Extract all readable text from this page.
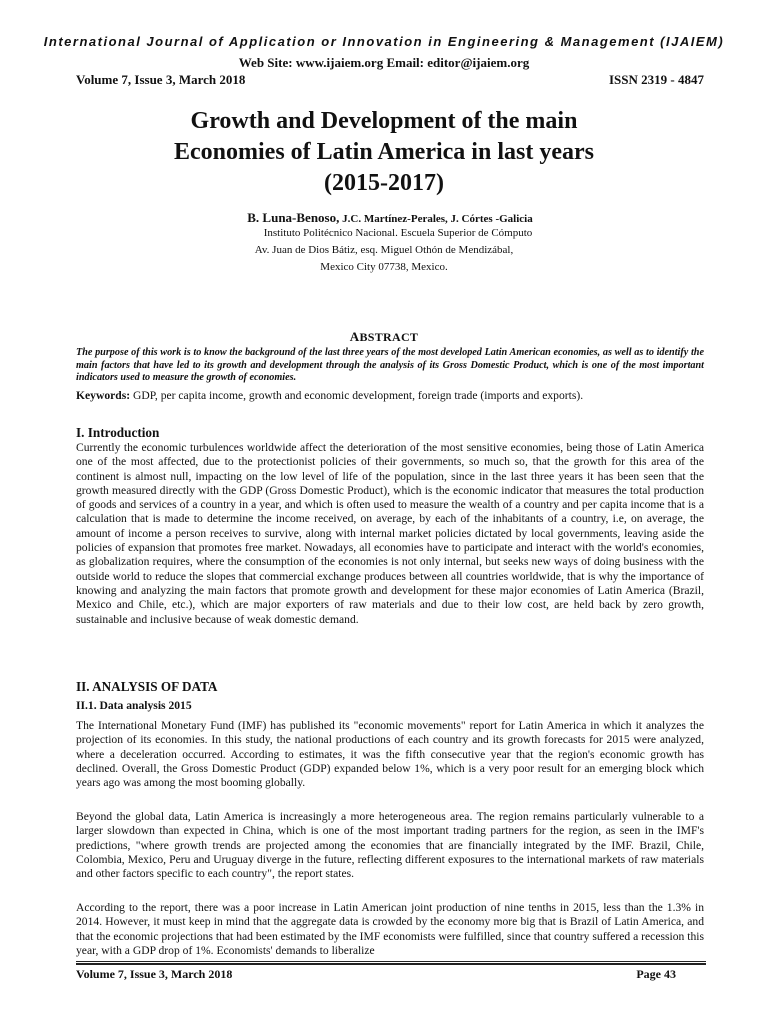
International Journal of Application or Innovation in Engineering & Management (IJAIEM)
Web Site: www.ijaiem.org Email: editor@ijaiem.org
Volume 7, Issue 3, March 2018	ISSN 2319 - 4847
Growth and Development of the main Economies of Latin America in last years (2015-2017)
B. Luna-Benoso, J.C. Martínez-Perales, J. Córtes -Galicia
Instituto Politécnico Nacional. Escuela Superior de Cómputo
Av. Juan de Dios Bátiz, esq. Miguel Othón de Mendizábal,
Mexico City 07738, Mexico.
ABSTRACT
The purpose of this work is to know the background of the last three years of the most developed Latin American economies, as well as to identify the main factors that have led to its growth and development through the analysis of its Gross Domestic Product, which is one of the most important indicators used to measure the growth of economies.
Keywords: GDP, per capita income, growth and economic development, foreign trade (imports and exports).
I. Introduction

Currently the economic turbulences worldwide affect the deterioration of the most sensitive economies, being those of Latin America one of the most affected, due to the protectionist policies of their governments, so much so, that the growth for this area of the continent is almost null, impacting on the low level of life of the population, since in the last three years it has been seen that the growth measured directly with the GDP (Gross Domestic Product), which is the economic indicator that measures the total production of goods and services of a country in a year, and which is often used to measure the wealth of a country and per capita income that is a calculation that is made to determine the income received, on average, by each of the inhabitants of a country, i.e, on average, the amount of income a person receives to survive, along with internal market policies dictated by local governments, leaving aside the policies of expansion that promotes free market. Nowadays, all economies have to participate and interact with the world's economies, as globalization requires, where the consumption of the economies is not only internal, but seeks new ways of doing business with the outside world to reduce the slopes that commercial exchange produces between all countries worldwide, that is why the importance of knowing and analyzing the main factors that promote growth and development for these major economies of Latin America (Brazil, Mexico and Chile, etc.), which are major exporters of raw materials and due to their low cost, are held back by zero growth, sustainable and inclusive because of weak domestic demand.

II. ANALYSIS OF DATA
II.1. Data analysis 2015

The International Monetary Fund (IMF) has published its "economic movements" report for Latin America in which it analyzes the projection of its economies. In this study, the national productions of each country and its growth forecasts for 2015 were analyzed, where a deceleration occurred. According to estimates, it was the fifth consecutive year that the region's economic growth has declined. Overall, the Gross Domestic Product (GDP) expanded below 1%, which is a very poor result for an emerging block which years ago was among the most booming globally.

Beyond the global data, Latin America is increasingly a more heterogeneous area. The region remains particularly vulnerable to a larger slowdown than expected in China, which is one of the most important trading partners for the region, as seen in the IMF's predictions, "where growth trends are projected among the economies that are financially integrated by the IMF. Brazil, Chile, Colombia, Mexico, Peru and Uruguay diverge in the future, reflecting different exposures to the international markets of raw materials and other factors specific to each country", the report states.

According to the report, there was a poor increase in Latin American joint production of nine tenths in 2015, less than the 1.3% in 2014. However, it must keep in mind that the aggregate data is crowded by the economy more big that is Brazil of Latin America, and that the economic projections that had been estimated by the IMF economists were fulfilled, since that country suffered a recession this year, with a GDP drop of 1%. Economists' demands to liberalize

Volume 7, Issue 3, March 2018	Page 43
